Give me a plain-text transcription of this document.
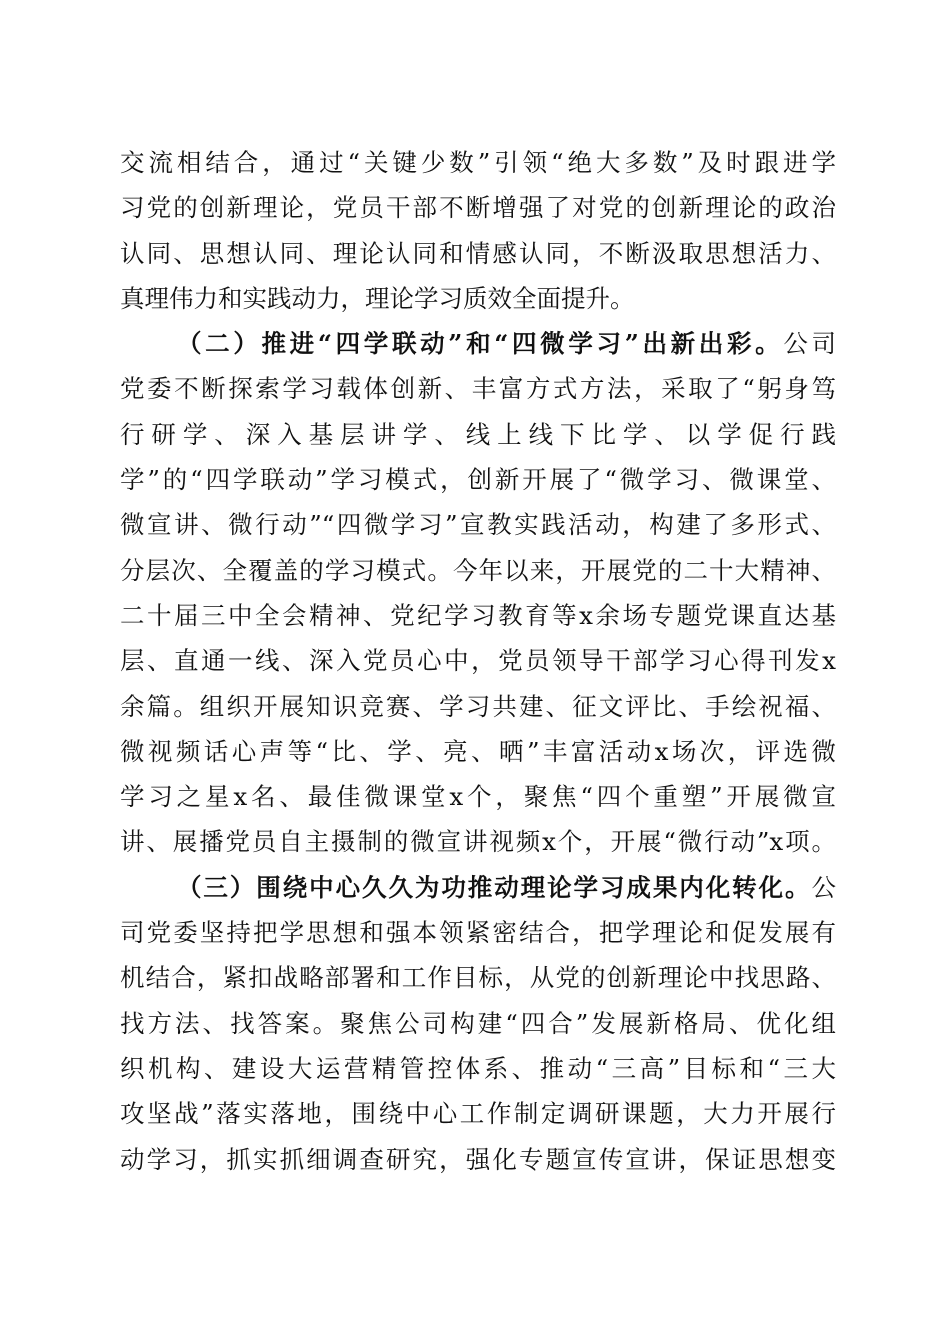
交流相结合，通过“关键少数”引领“绝大多数”及时跟进学
习党的创新理论，党员干部不断增强了对党的创新理论的政治
认同、思想认同、理论认同和情感认同，不断汲取思想活力、
真理伟力和实践动力，理论学习质效全面提升。
（二）推进“四学联动”和“四微学习”出新出彩。公司
党委不断探索学习载体创新、丰富方式方法，采取了“躬身笃
行研学、深入基层讲学、线上线下比学、以学促行践
学”的“四学联动”学习模式，创新开展了“微学习、微课堂、
微宣讲、微行动”“四微学习”宣教实践活动，构建了多形式、
分层次、全覆盖的学习模式。今年以来，开展党的二十大精神、
二十届三中全会精神、党纪学习教育等x余场专题党课直达基
层、直通一线、深入党员心中，党员领导干部学习心得刊发x
余篇。组织开展知识竞赛、学习共建、征文评比、手绘祝福、
微视频话心声等“比、学、亮、晒”丰富活动x场次，评选微
学习之星x名、最佳微课堂x个，聚焦“四个重塑”开展微宣
讲、展播党员自主摄制的微宣讲视频x个，开展“微行动”x项。
（三）围绕中心久久为功推动理论学习成果内化转化。公
司党委坚持把学思想和强本领紧密结合，把学理论和促发展有
机结合，紧扣战略部署和工作目标，从党的创新理论中找思路、
找方法、找答案。聚焦公司构建“四合”发展新格局、优化组
织机构、建设大运营精管控体系、推动“三高”目标和“三大
攻坚战”落实落地，围绕中心工作制定调研课题，大力开展行
动学习，抓实抓细调查研究，强化专题宣传宣讲，保证思想变
